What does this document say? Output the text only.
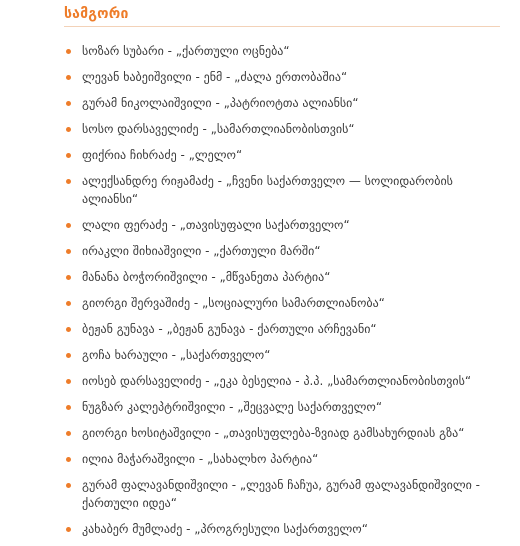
სამგორი
სოზარ სუბარი - „ქართული ოცნება“
ლევან ხაბეიშვილი - ენმ - „ძალა ერთობაშია“
გურამ ნიკოლაიშვილი - „პატრიოტთა ალიანსი“
სოსო დარსაველიძე - „სამართლიანობისთვის“
ფიქრია ჩიხრაძე - „ლელო“
ალექსანდრე რიჟამაძე - „ჩვენი საქართველო — სოლიდარობის ალიანსი“
ლალი ფერაძე - „თავისუფალი საქართველო“
ირაკლი შიხიაშვილი - „ქართული მარში“
მანანა ბოჭორიშვილი - „მწვანეთა პარტია“
გიორგი შერვაშიძე - „სოციალური სამართლიანობა“
ბეჟან გუნავა - „ბეჟან გუნავა - ქართული არჩევანი“
გოჩა ხარაული - „საქართველო“
იოსებ დარსაველიძე - „ეკა ბესელია - პ.პ. „სამართლიანობისთვის“
ნუგზარ კალეპტრიშვილი - „შეცვალე საქართველო“
გიორგი ხოსიტაშვილი - „თავისუფლება-ზვიად გამსახურდიას გზა“
ილია მაჭარაშვილი - „სახალხო პარტია“
გურამ ფალავანდიშვილი - „ლევან ჩაჩუა, გურამ ფალავანდიშვილი - ქართული იდეა“
კახაბერ მუმლაძე - „პროგრესული საქართველო“
